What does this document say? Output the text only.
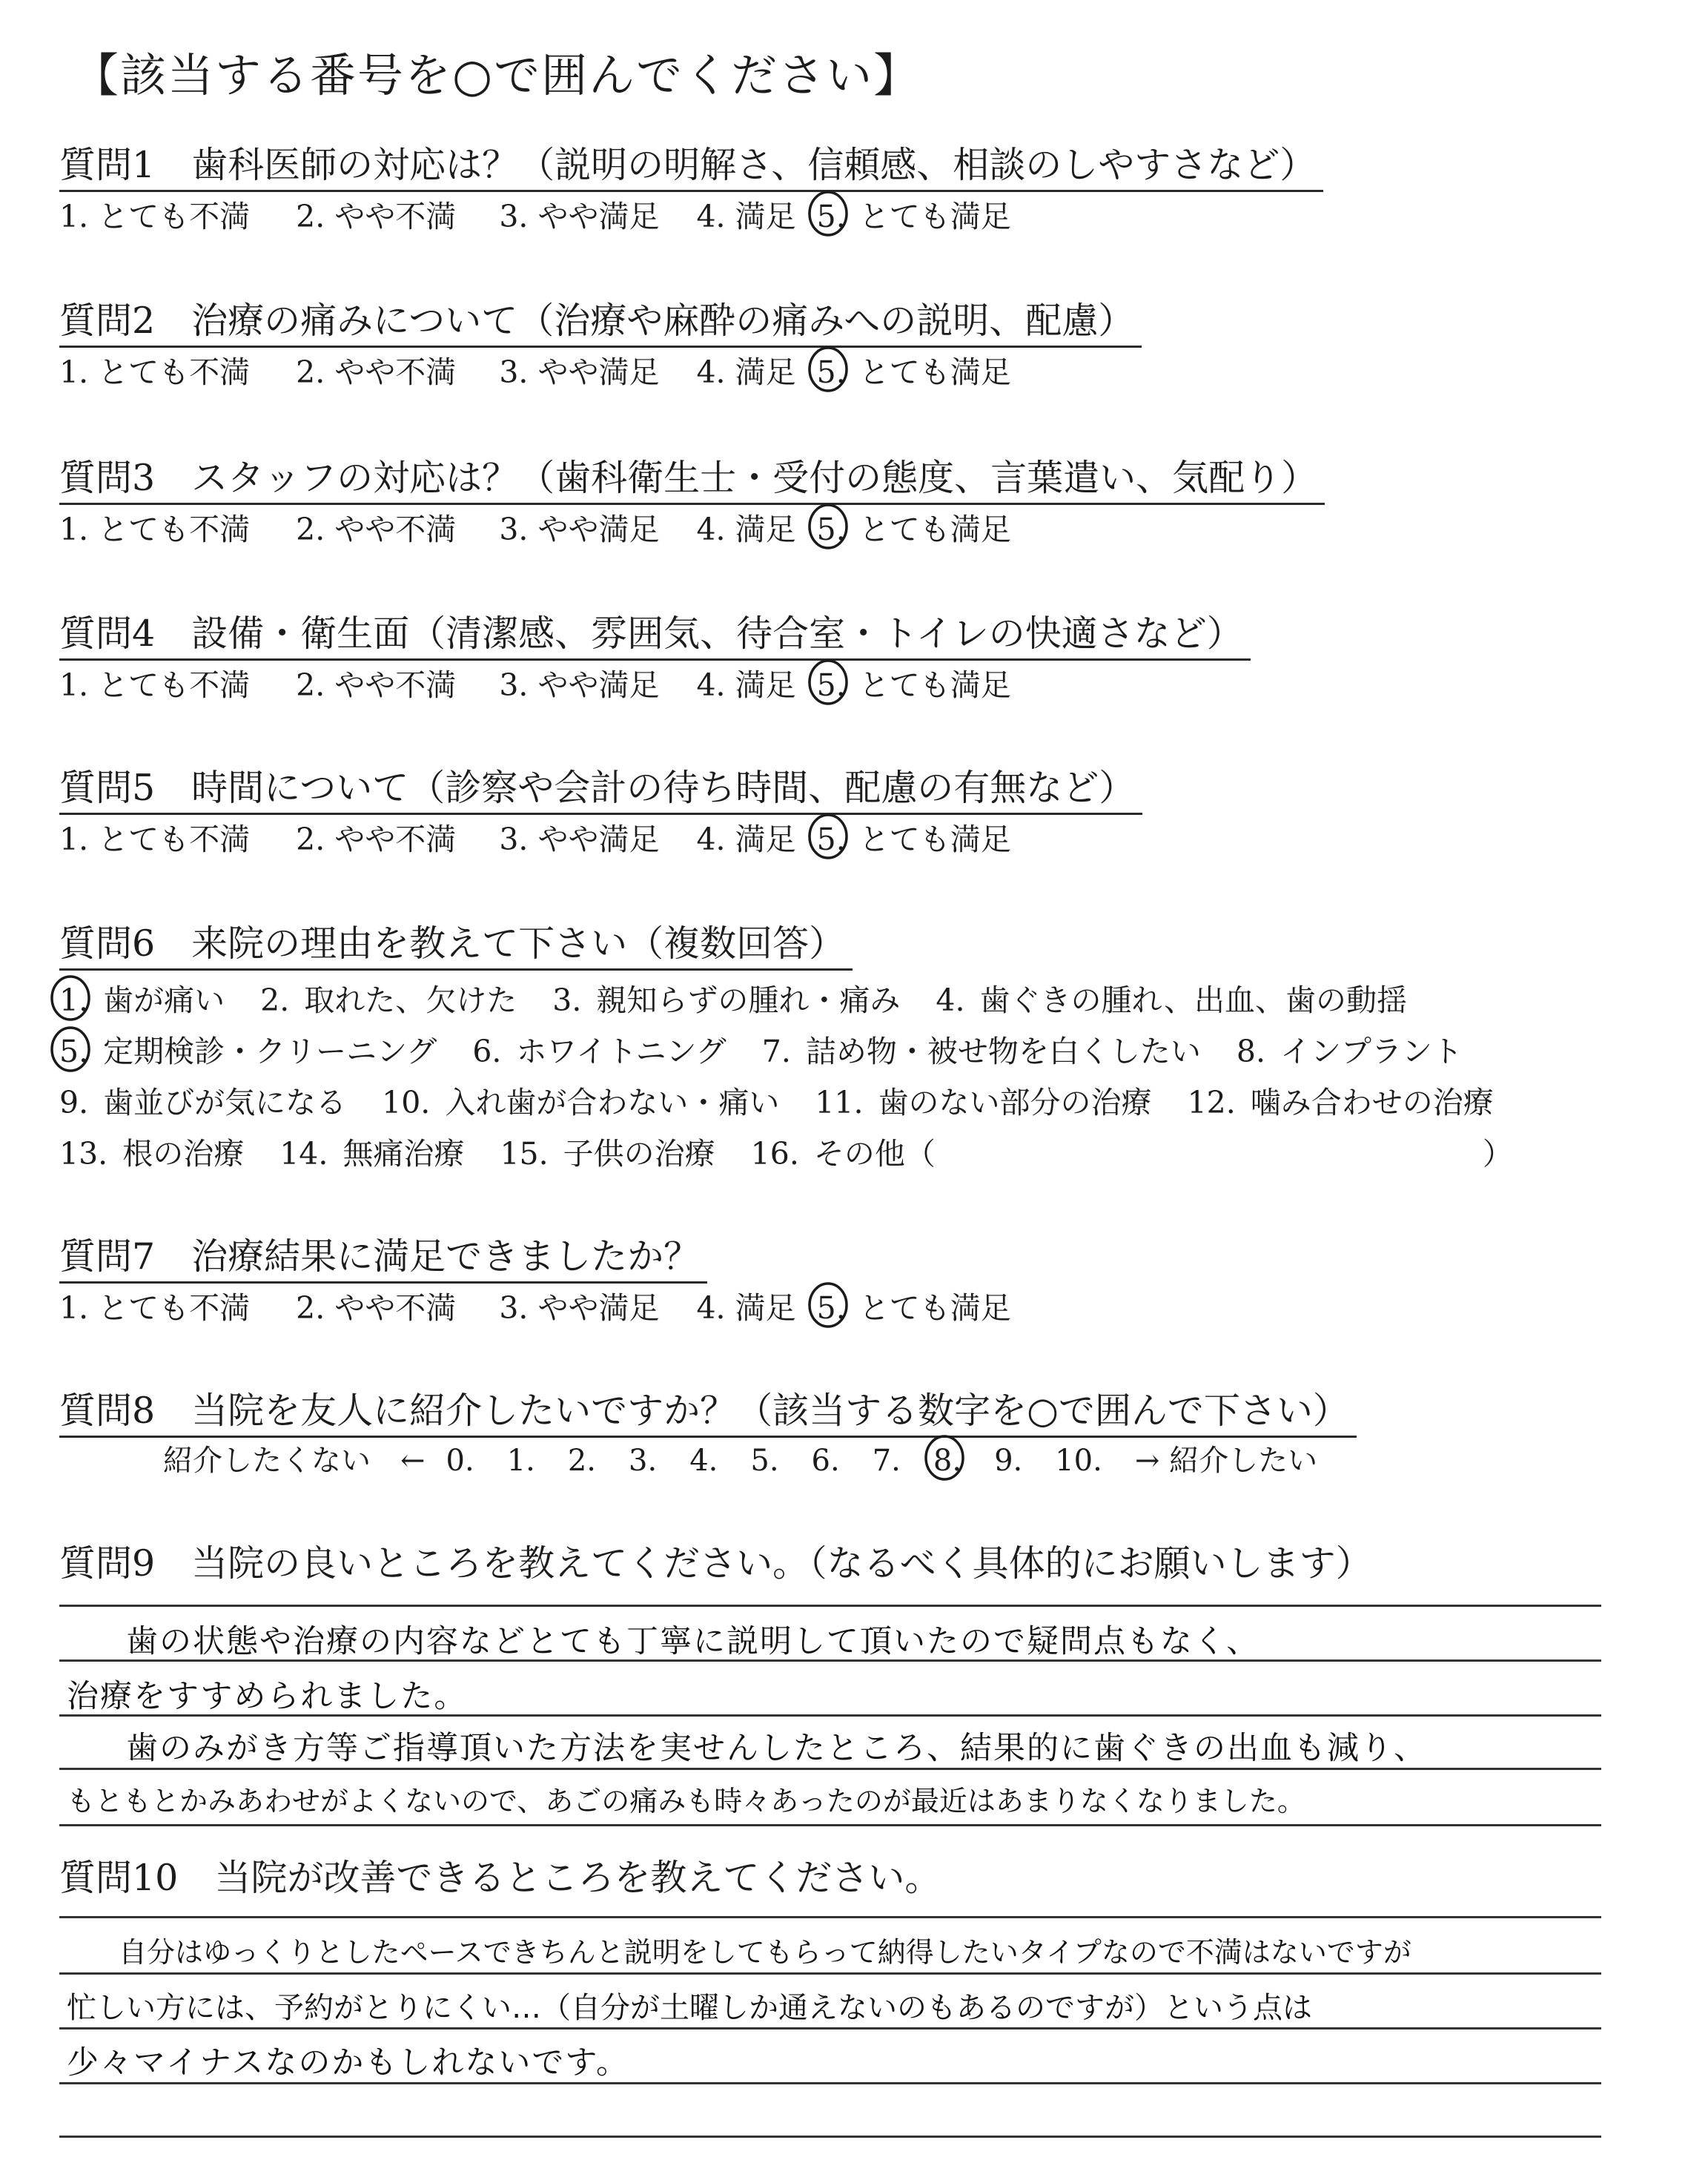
【該当する番号を○で囲んでください】
質問1　歯科医師の対応は？（説明の明解さ、信頼感、相談のしやすさなど）
1. とても不満 2. やや不満 3. やや満足 4. 満足 5. とても満足
質問2　治療の痛みについて（治療や麻酔の痛みへの説明、配慮）
1. とても不満 2. やや不満 3. やや満足 4. 満足 5. とても満足
質問3　スタッフの対応は？（歯科衛生士・受付の態度、言葉遣い、気配り）
1. とても不満 2. やや不満 3. やや満足 4. 満足 5. とても満足
質問4　設備・衛生面（清潔感、雰囲気、待合室・トイレの快適さなど）
1. とても不満 2. やや不満 3. やや満足 4. 満足 5. とても満足
質問5　時間について（診察や会計の待ち時間、配慮の有無など）
1. とても不満 2. やや不満 3. やや満足 4. 満足 5. とても満足
質問6　来院の理由を教えて下さい（複数回答）
1. 歯が痛い 2. 取れた、欠けた 3. 親知らずの腫れ・痛み 4. 歯ぐきの腫れ、出血、歯の動揺
5. 定期検診・クリーニング 6. ホワイトニング 7. 詰め物・被せ物を白くしたい 8. インプラント
9. 歯並びが気になる 10. 入れ歯が合わない・痛い 11. 歯のない部分の治療 12. 噛み合わせの治療
13. 根の治療 14. 無痛治療 15. 子供の治療 16. その他（　　　　　　　　　　　　　　　　　　）
質問7　治療結果に満足できましたか？
1. とても不満 2. やや不満 3. やや満足 4. 満足 5. とても満足
質問8　当院を友人に紹介したいですか？（該当する数字を○で囲んで下さい）
紹介したくない　← 0. 1. 2. 3. 4. 5. 6. 7. 8. 9. 10. → 紹介したい
質問9　当院の良いところを教えてください。（なるべく具体的にお願いします）
歯の状態や治療の内容などとても丁寧に説明して頂いたので疑問点もなく、
治療をすすめられました。
歯のみがき方等ご指導頂いた方法を実せんしたところ、結果的に歯ぐきの出血も減り、
もともとかみあわせがよくないので、あごの痛みも時々あったのが最近はあまりなくなりました。
質問10　当院が改善できるところを教えてください。
自分はゆっくりとしたペースできちんと説明をしてもらって納得したいタイプなので不満はないですが
忙しい方には、予約がとりにくい…（自分が土曜しか通えないのもあるのですが）という点は
少々マイナスなのかもしれないです。
